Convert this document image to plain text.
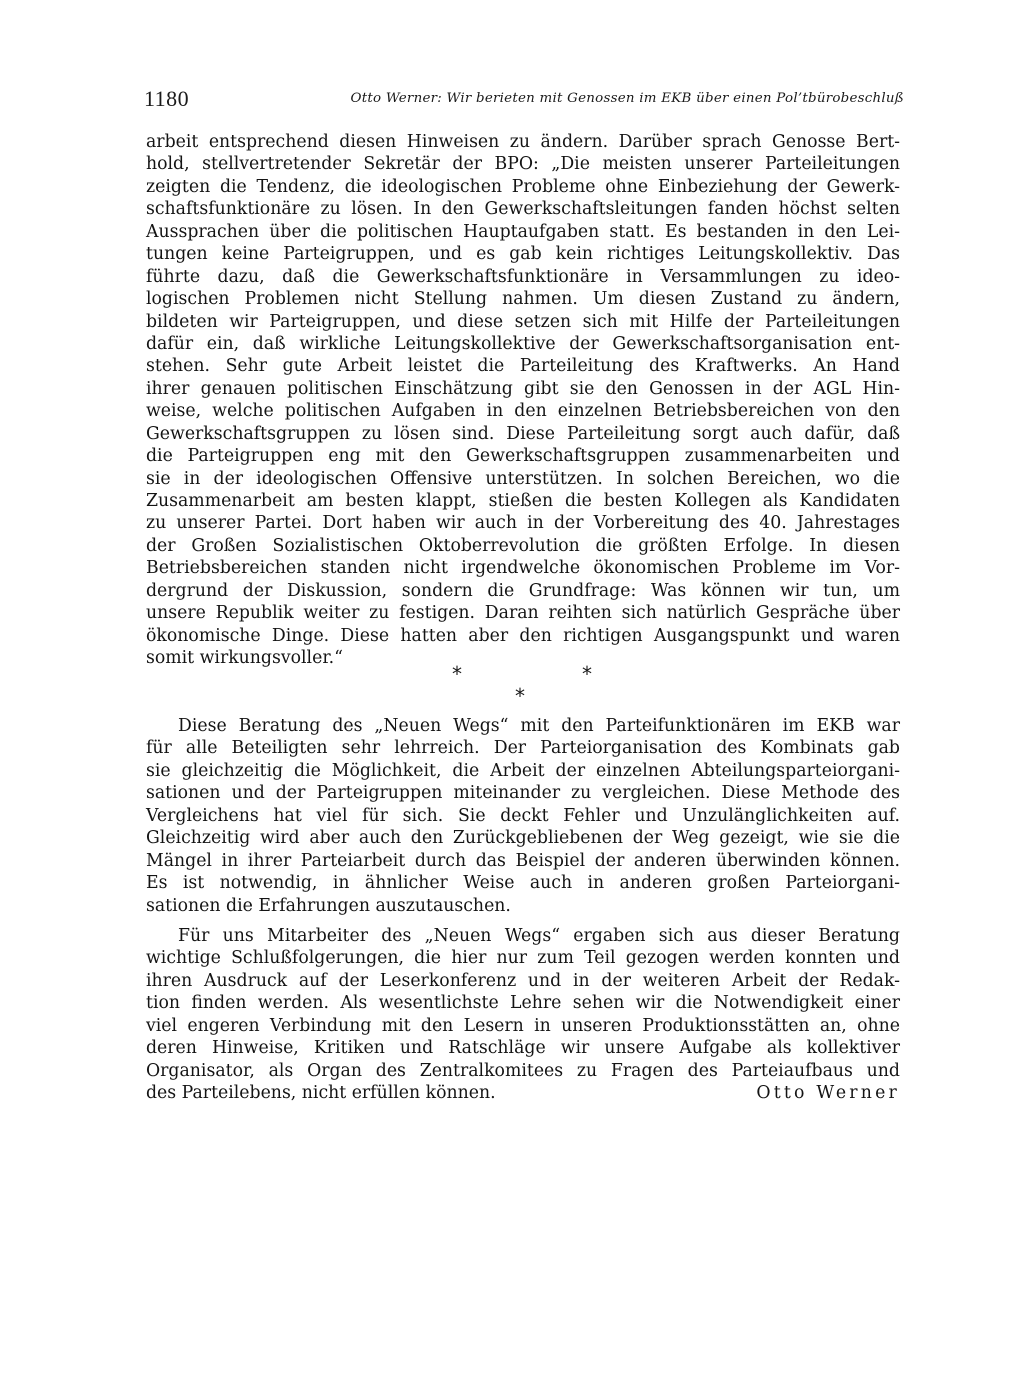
1180	Otto Werner: Wir berieten mit Genossen im EKB über einen Pol’tbürobeschluß
arbeit entsprechend diesen Hinweisen zu ändern. Darüber sprach Genosse Bert-
hold, stellvertretender Sekretär der BPO: „Die meisten unserer Parteileitungen
zeigten die Tendenz, die ideologischen Probleme ohne Einbeziehung der Gewerk-
schaftsfunktionäre zu lösen. In den Gewerkschaftsleitungen fanden höchst selten
Aussprachen über die politischen Hauptaufgaben statt. Es bestanden in den Lei-
tungen keine Parteigruppen, und es gab kein richtiges Leitungskollektiv. Das
führte dazu, daß die Gewerkschaftsfunktionäre in Versammlungen zu ideo-
logischen Problemen nicht Stellung nahmen. Um diesen Zustand zu ändern,
bildeten wir Parteigruppen, und diese setzen sich mit Hilfe der Parteileitungen
dafür ein, daß wirkliche Leitungskollektive der Gewerkschaftsorganisation ent-
stehen. Sehr gute Arbeit leistet die Parteileitung des Kraftwerks. An Hand
ihrer genauen politischen Einschätzung gibt sie den Genossen in der AGL Hin-
weise, welche politischen Aufgaben in den einzelnen Betriebsbereichen von den
Gewerkschaftsgruppen zu lösen sind. Diese Parteileitung sorgt auch dafür, daß
die Parteigruppen eng mit den Gewerkschaftsgruppen zusammenarbeiten und
sie in der ideologischen Offensive unterstützen. In solchen Bereichen, wo die
Zusammenarbeit am besten klappt, stießen die besten Kollegen als Kandidaten
zu unserer Partei. Dort haben wir auch in der Vorbereitung des 40. Jahrestages
der Großen Sozialistischen Oktoberrevolution die größten Erfolge. In diesen
Betriebsbereichen standen nicht irgendwelche ökonomischen Probleme im Vor-
dergrund der Diskussion, sondern die Grundfrage: Was können wir tun, um
unsere Republik weiter zu festigen. Daran reihten sich natürlich Gespräche über
ökonomische Dinge. Diese hatten aber den richtigen Ausgangspunkt und waren
somit wirkungsvoller.“
*	*
*
Diese Beratung des „Neuen Wegs“ mit den Parteifunktionären im EKB war
für alle Beteiligten sehr lehrreich. Der Parteiorganisation des Kombinats gab
sie gleichzeitig die Möglichkeit, die Arbeit der einzelnen Abteilungsparteiorgani-
sationen und der Parteigruppen miteinander zu vergleichen. Diese Methode des
Vergleichens hat viel für sich. Sie deckt Fehler und Unzulänglichkeiten auf.
Gleichzeitig wird aber auch den Zurückgebliebenen der Weg gezeigt, wie sie die
Mängel in ihrer Parteiarbeit durch das Beispiel der anderen überwinden können.
Es ist notwendig, in ähnlicher Weise auch in anderen großen Parteiorgani-
sationen die Erfahrungen auszutauschen.
Für uns Mitarbeiter des „Neuen Wegs“ ergaben sich aus dieser Beratung
wichtige Schlußfolgerungen, die hier nur zum Teil gezogen werden konnten und
ihren Ausdruck auf der Leserkonferenz und in der weiteren Arbeit der Redak-
tion finden werden. Als wesentlichste Lehre sehen wir die Notwendigkeit einer
viel engeren Verbindung mit den Lesern in unseren Produktionsstätten an, ohne
deren Hinweise, Kritiken und Ratschläge wir unsere Aufgabe als kollektiver
Organisator, als Organ des Zentralkomitees zu Fragen des Parteiaufbaus und
des Parteilebens, nicht erfüllen können.	Otto Werner
